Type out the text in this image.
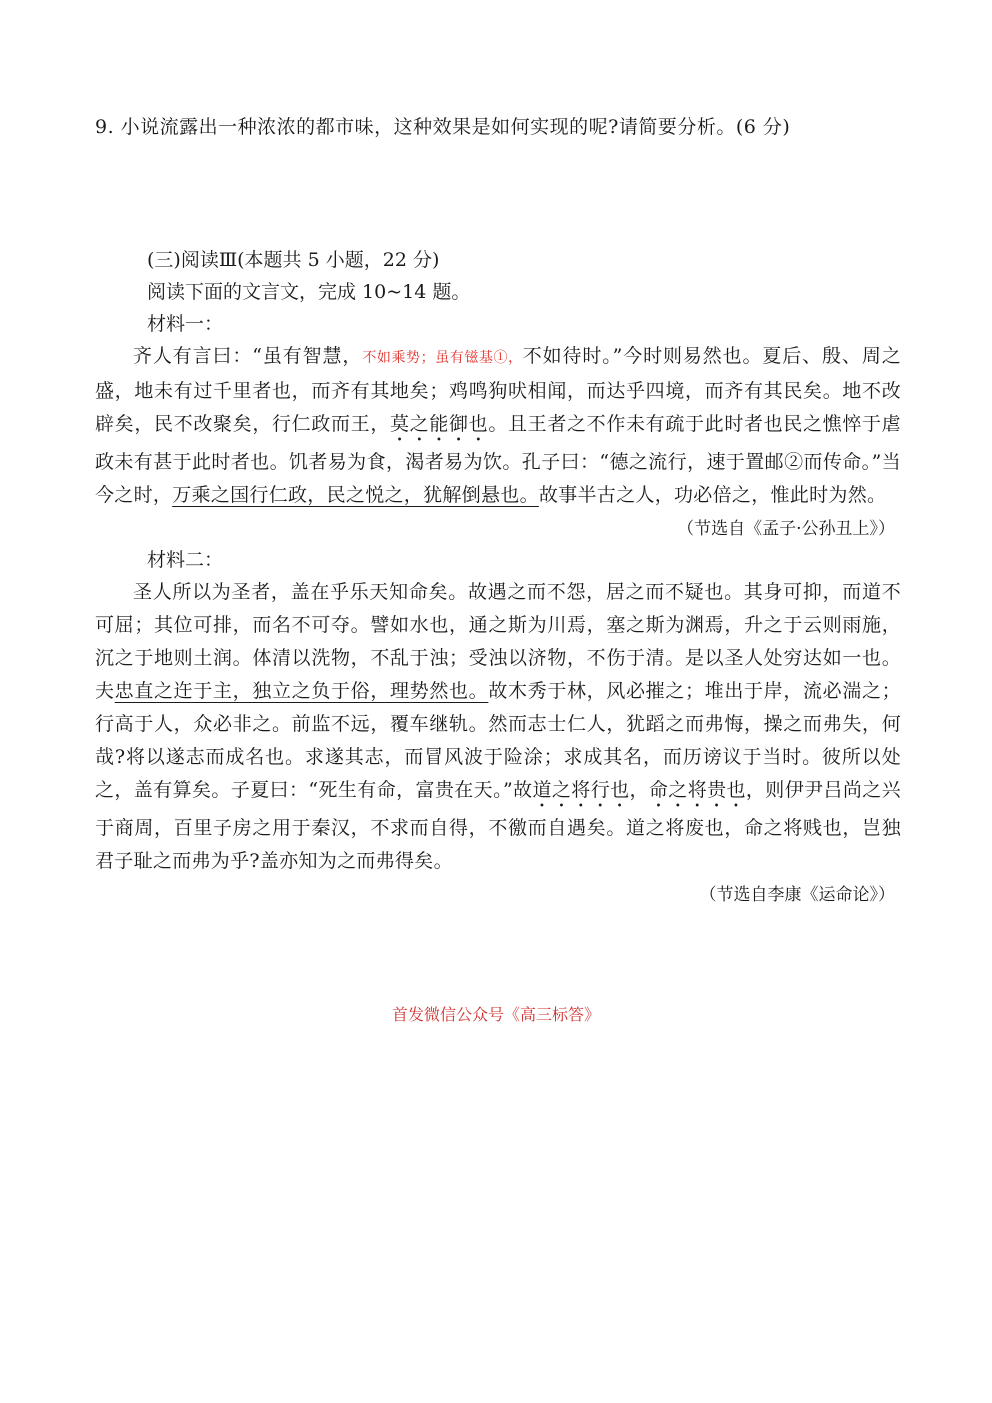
9. 小说流露出一种浓浓的都市味，这种效果是如何实现的呢?请简要分析。(6 分)
(三)阅读Ⅲ(本题共 5 小题，22 分)
阅读下面的文言文，完成 10~14 题。
材料一：

齐人有言曰：“虽有智慧，不如乘势；虽有镃基①，不如待时。”今时则易然也。夏后、殷、周之盛，地未有过千里者也，而齐有其地矣；鸡鸣狗吠相闻，而达乎四境，而齐有其民矣。地不改辟矣，民不改聚矣，行仁政而王，莫之能御也。且王者之不作未有疏于此时者也民之憔悴于虐政未有甚于此时者也。饥者易为食，渴者易为饮。孔子曰：“德之流行，速于置邮②而传命。”当今之时，万乘之国行仁政，民之悦之，犹解倒悬也。故事半古之人，功必倍之，惟此时为然。

（节选自《孟子·公孙丑上》）
材料二：

圣人所以为圣者，盖在乎乐天知命矣。故遇之而不怨，居之而不疑也。其身可抑，而道不可屈；其位可排，而名不可夺。譬如水也，通之斯为川焉，塞之斯为渊焉，升之于云则雨施，沉之于地则土润。体清以洗物，不乱于浊；受浊以济物，不伤于清。是以圣人处穷达如一也。夫忠直之迕于主，独立之负于俗，理势然也。故木秀于林，风必摧之；堆出于岸，流必湍之；行高于人，众必非之。前监不远，覆车继轨。然而志士仁人，犹蹈之而弗悔，操之而弗失，何哉?将以遂志而成名也。求遂其志，而冒风波于险涂；求成其名，而历谤议于当时。彼所以处之，盖有算矣。子夏曰：“死生有命，富贵在天。”故道之将行也，命之将贵也，则伊尹吕尚之兴于商周，百里子房之用于秦汉，不求而自得，不徼而自遇矣。道之将废也，命之将贱也，岂独君子耻之而弗为乎?盖亦知为之而弗得矣。

（节选自李康《运命论》）
首发微信公众号《高三标答》
